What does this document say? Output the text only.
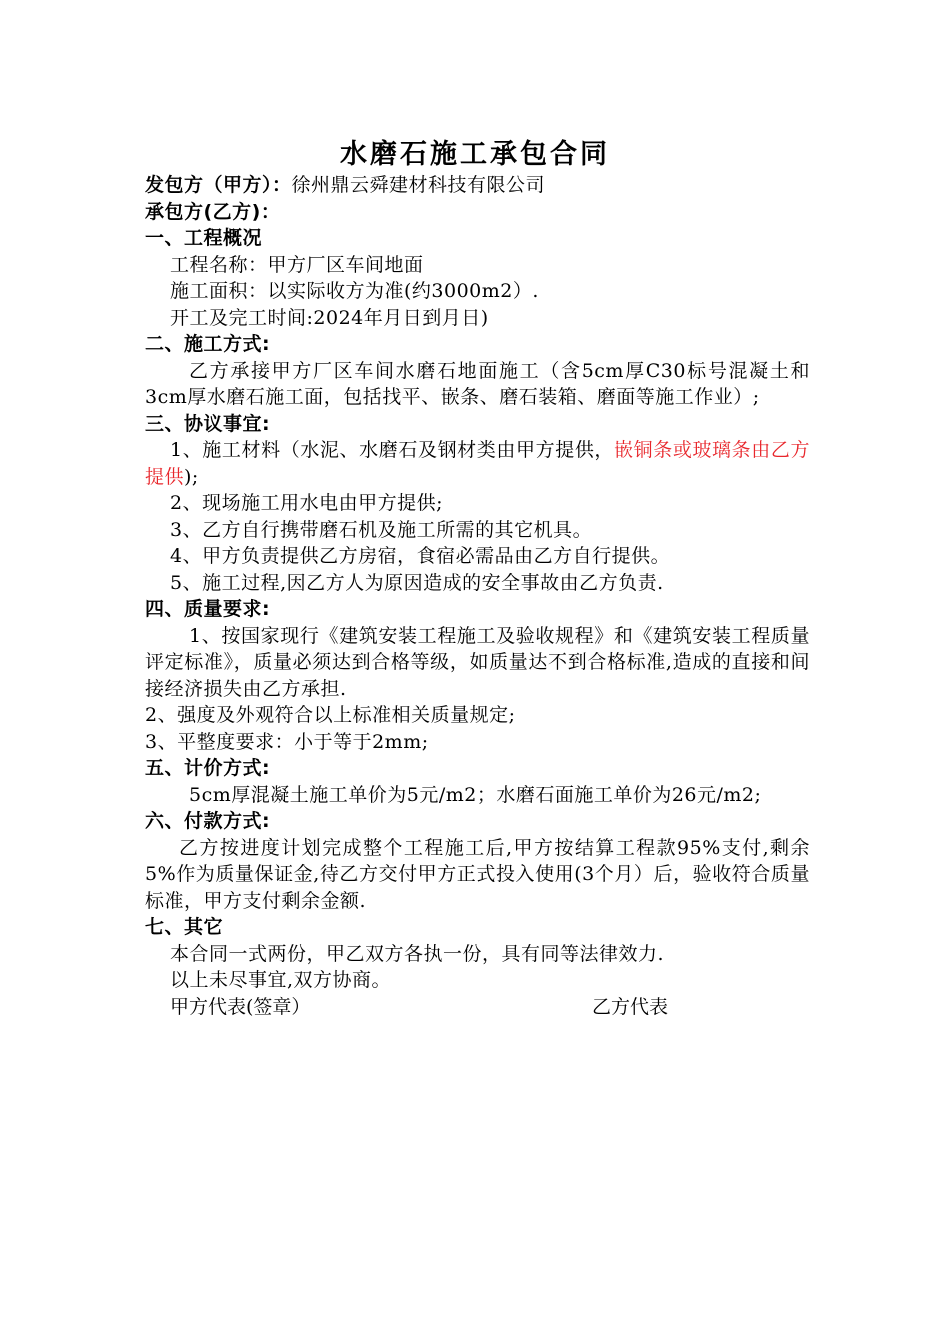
水磨石施工承包合同
发包方（甲方）：徐州鼎云舜建材科技有限公司
承包方(乙方)：
一、工程概况
工程名称：甲方厂区车间地面
施工面积：以实际收方为准(约3000m2）.
开工及完工时间:2024年月日到月日)
二、施工方式:
乙方承接甲方厂区车间水磨石地面施工（含5cm厚C30标号混凝土和3cm厚水磨石施工面，包括找平、嵌条、磨石装箱、磨面等施工作业）;
三、协议事宜:
1、施工材料（水泥、水磨石及钢材类由甲方提供，嵌铜条或玻璃条由乙方提供);
2、现场施工用水电由甲方提供;
3、乙方自行携带磨石机及施工所需的其它机具。
4、甲方负责提供乙方房宿，食宿必需品由乙方自行提供。
5、施工过程,因乙方人为原因造成的安全事故由乙方负责.
四、质量要求:
1、按国家现行《建筑安装工程施工及验收规程》和《建筑安装工程质量评定标准》，质量必须达到合格等级，如质量达不到合格标准,造成的直接和间接经济损失由乙方承担.
2、强度及外观符合以上标准相关质量规定;
3、平整度要求：小于等于2mm;
五、计价方式:
5cm厚混凝土施工单价为5元/m2；水磨石面施工单价为26元/m2;
六、付款方式:
乙方按进度计划完成整个工程施工后,甲方按结算工程款95%支付,剩余5%作为质量保证金,待乙方交付甲方正式投入使用(3个月）后，验收符合质量标准，甲方支付剩余金额.
七、其它
本合同一式两份，甲乙双方各执一份，具有同等法律效力.
以上未尽事宜,双方协商。
甲方代表(签章）	乙方代表
